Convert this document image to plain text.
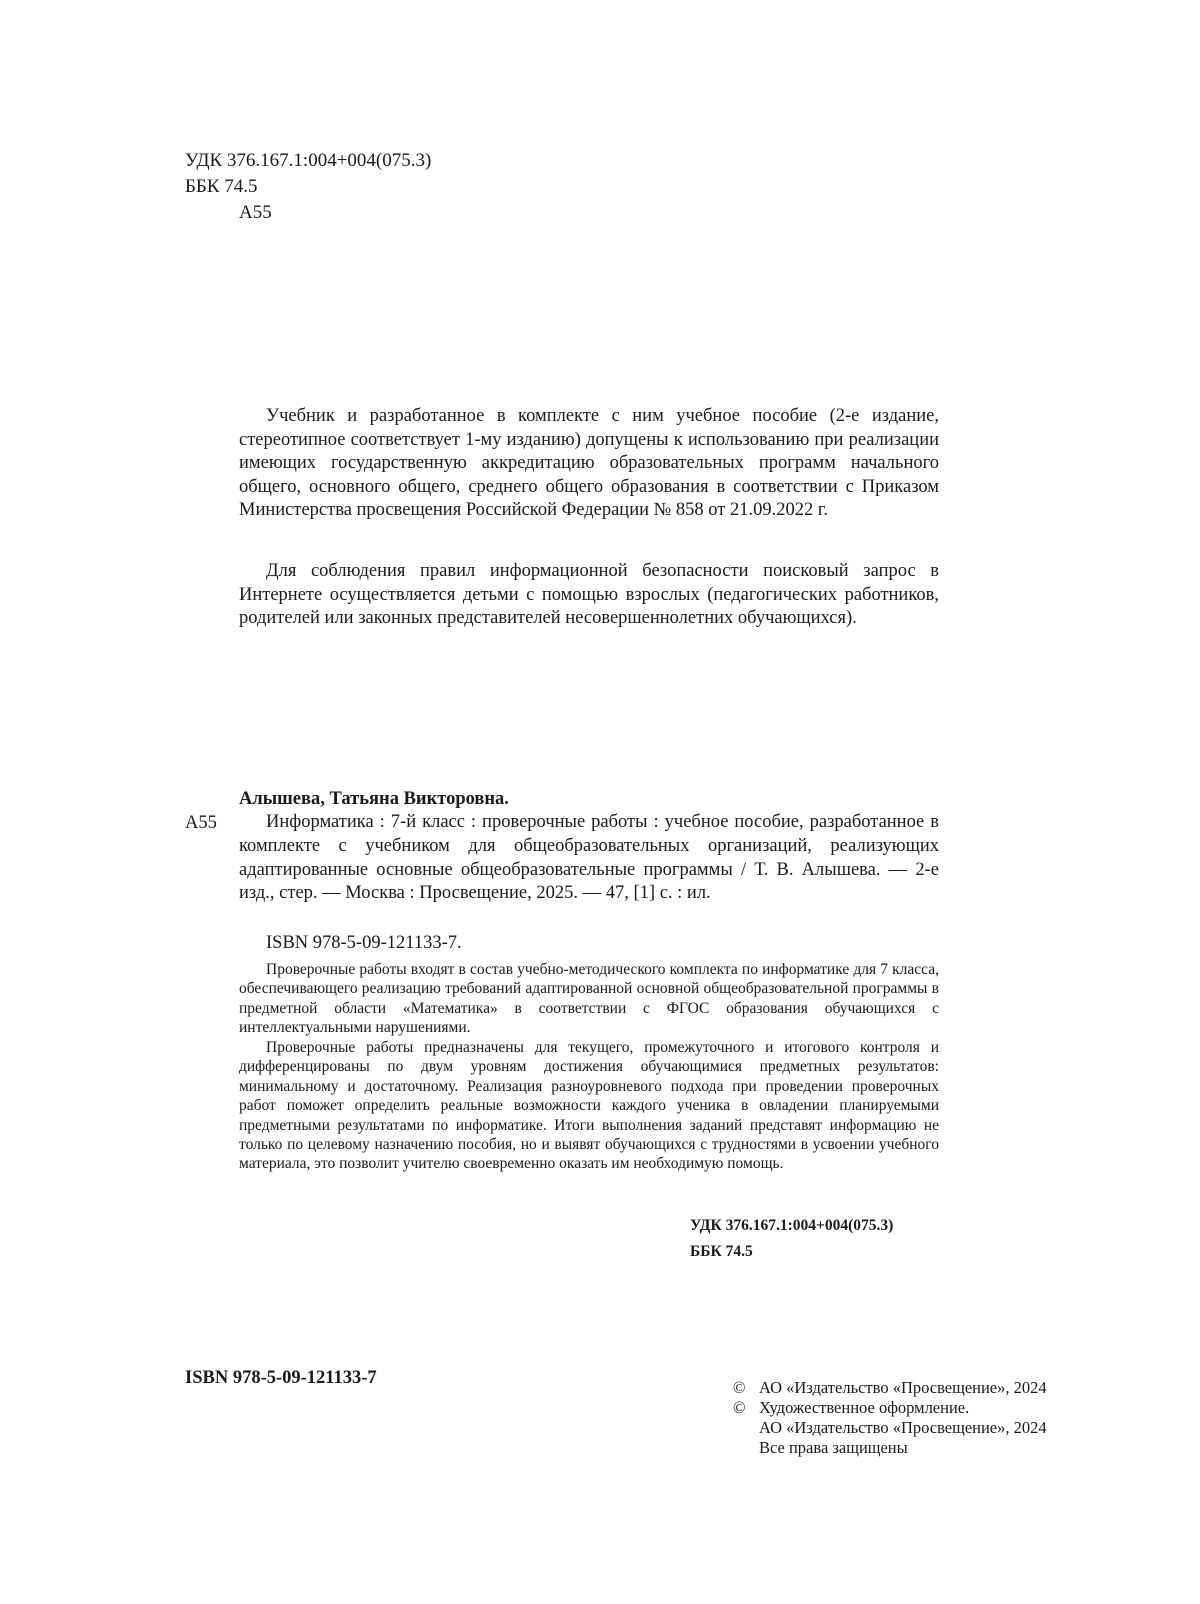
УДК 376.167.1:004+004(075.3)
ББК 74.5
А55
Учебник и разработанное в комплекте с ним учебное пособие (2-е издание, стереотипное соответствует 1-му изданию) допущены к использованию при реализации имеющих государственную аккредитацию образовательных программ начального общего, основного общего, среднего общего образования в соответствии с Приказом Министерства просвещения Российской Федерации № 858 от 21.09.2022 г.
Для соблюдения правил информационной безопасности поисковый запрос в Интернете осуществляется детьми с помощью взрослых (педагогических работников, родителей или законных представителей несовершеннолетних обучающихся).
Алышева, Татьяна Викторовна.
А55	Информатика : 7-й класс : проверочные работы : учебное пособие, разработанное в комплекте с учебником для общеобразовательных организаций, реализующих адаптированные основные общеобразовательные программы / Т. В. Алышева. — 2-е изд., стер. — Москва : Просвещение, 2025. — 47, [1] с. : ил.
ISBN 978-5-09-121133-7.
Проверочные работы входят в состав учебно-методического комплекта по информатике для 7 класса, обеспечивающего реализацию требований адаптированной основной общеобразовательной программы в предметной области «Математика» в соответствии с ФГОС образования обучающихся с интеллектуальными нарушениями.
Проверочные работы предназначены для текущего, промежуточного и итогового контроля и дифференцированы по двум уровням достижения обучающимися предметных результатов: минимальному и достаточному. Реализация разноуровневого подхода при проведении проверочных работ поможет определить реальные возможности каждого ученика в овладении планируемыми предметными результатами по информатике. Итоги выполнения заданий представят информацию не только по целевому назначению пособия, но и выявят обучающихся с трудностями в усвоении учебного материала, это позволит учителю своевременно оказать им необходимую помощь.
УДК 376.167.1:004+004(075.3)
ББК 74.5
ISBN 978-5-09-121133-7	© АО «Издательство «Просвещение», 2024
© Художественное оформление.
АО «Издательство «Просвещение», 2024
Все права защищены
